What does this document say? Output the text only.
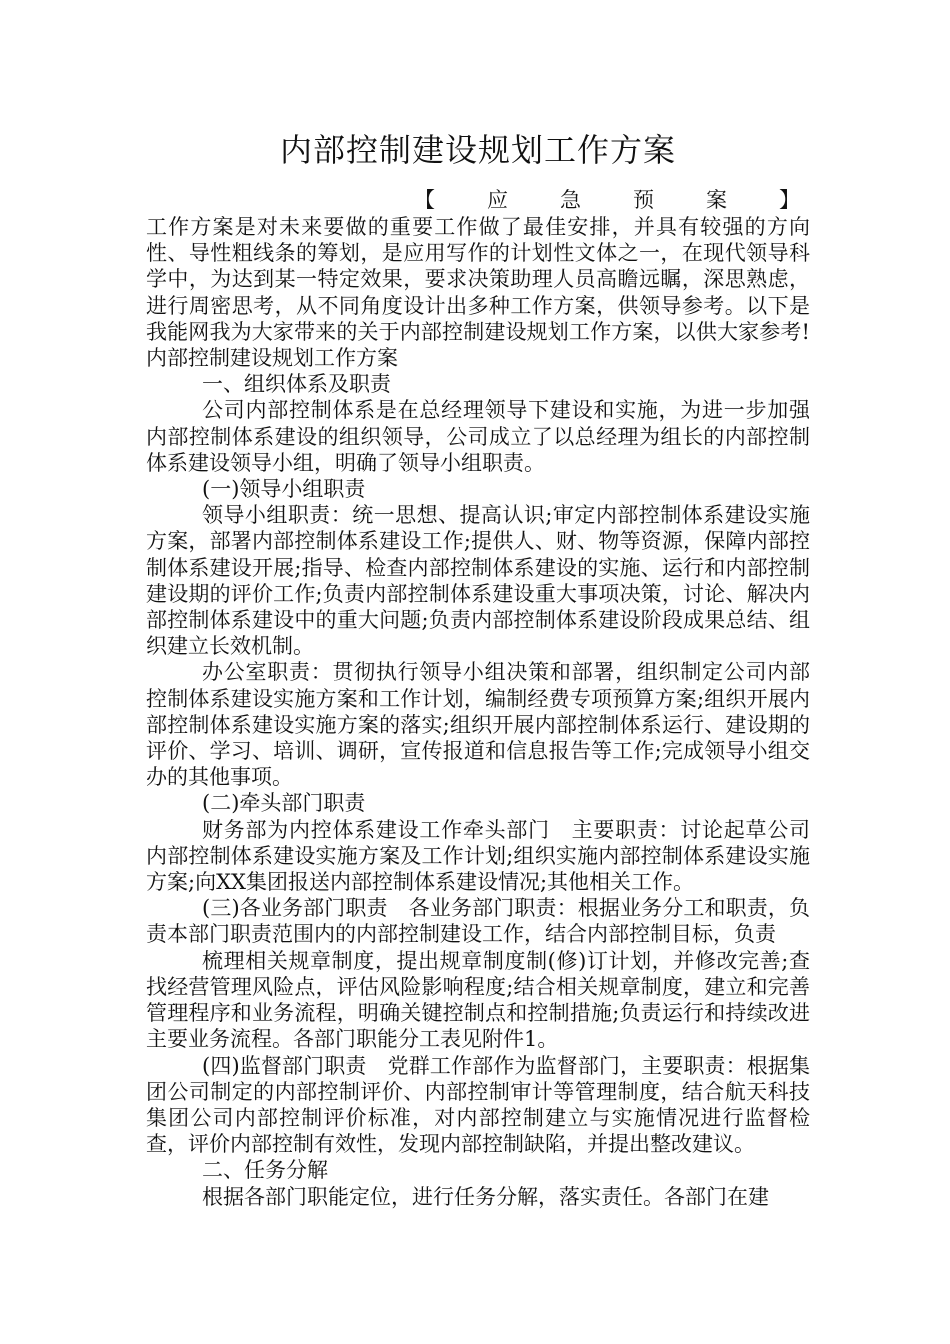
内部控制建设规划工作方案
【 应 急 预 案 】

工作方案是对未来要做的重要工作做了最佳安排，并具有较强的方向性、导性粗线条的筹划，是应用写作的计划性文体之一，在现代领导科学中，为达到某一特定效果，要求决策助理人员高瞻远瞩，深思熟虑，进行周密思考，从不同角度设计出多种工作方案，供领导参考。以下是我能网我为大家带来的关于内部控制建设规划工作方案，以供大家参考!　　内部控制建设规划工作方案

一、组织体系及职责

公司内部控制体系是在总经理领导下建设和实施，为进一步加强内部控制体系建设的组织领导，公司成立了以总经理为组长的内部控制体系建设领导小组，明确了领导小组职责。

(一)领导小组职责

领导小组职责：统一思想、提高认识;审定内部控制体系建设实施方案，部署内部控制体系建设工作;提供人、财、物等资源，保障内部控制体系建设开展;指导、检查内部控制体系建设的实施、运行和内部控制建设期的评价工作;负责内部控制体系建设重大事项决策，讨论、解决内部控制体系建设中的重大问题;负责内部控制体系建设阶段成果总结、组织建立长效机制。

办公室职责：贯彻执行领导小组决策和部署，组织制定公司内部控制体系建设实施方案和工作计划，编制经费专项预算方案;组织开展内部控制体系建设实施方案的落实;组织开展内部控制体系运行、建设期的评价、学习、培训、调研，宣传报道和信息报告等工作;完成领导小组交办的其他事项。

(二)牵头部门职责

财务部为内控体系建设工作牵头部门　主要职责：讨论起草公司内部控制体系建设实施方案及工作计划;组织实施内部控制体系建设实施方案;向XX集团报送内部控制体系建设情况;其他相关工作。

(三)各业务部门职责　各业务部门职责：根据业务分工和职责，负责本部门职责范围内的内部控制建设工作，结合内部控制目标，负责

梳理相关规章制度，提出规章制度制(修)订计划，并修改完善;查找经营管理风险点，评估风险影响程度;结合相关规章制度，建立和完善管理程序和业务流程，明确关键控制点和控制措施;负责运行和持续改进主要业务流程。各部门职能分工表见附件1。

(四)监督部门职责　党群工作部作为监督部门，主要职责：根据集团公司制定的内部控制评价、内部控制审计等管理制度，结合航天科技集团公司内部控制评价标准，对内部控制建立与实施情况进行监督检查，评价内部控制有效性，发现内部控制缺陷，并提出整改建议。

二、任务分解

根据各部门职能定位，进行任务分解，落实责任。各部门在建
